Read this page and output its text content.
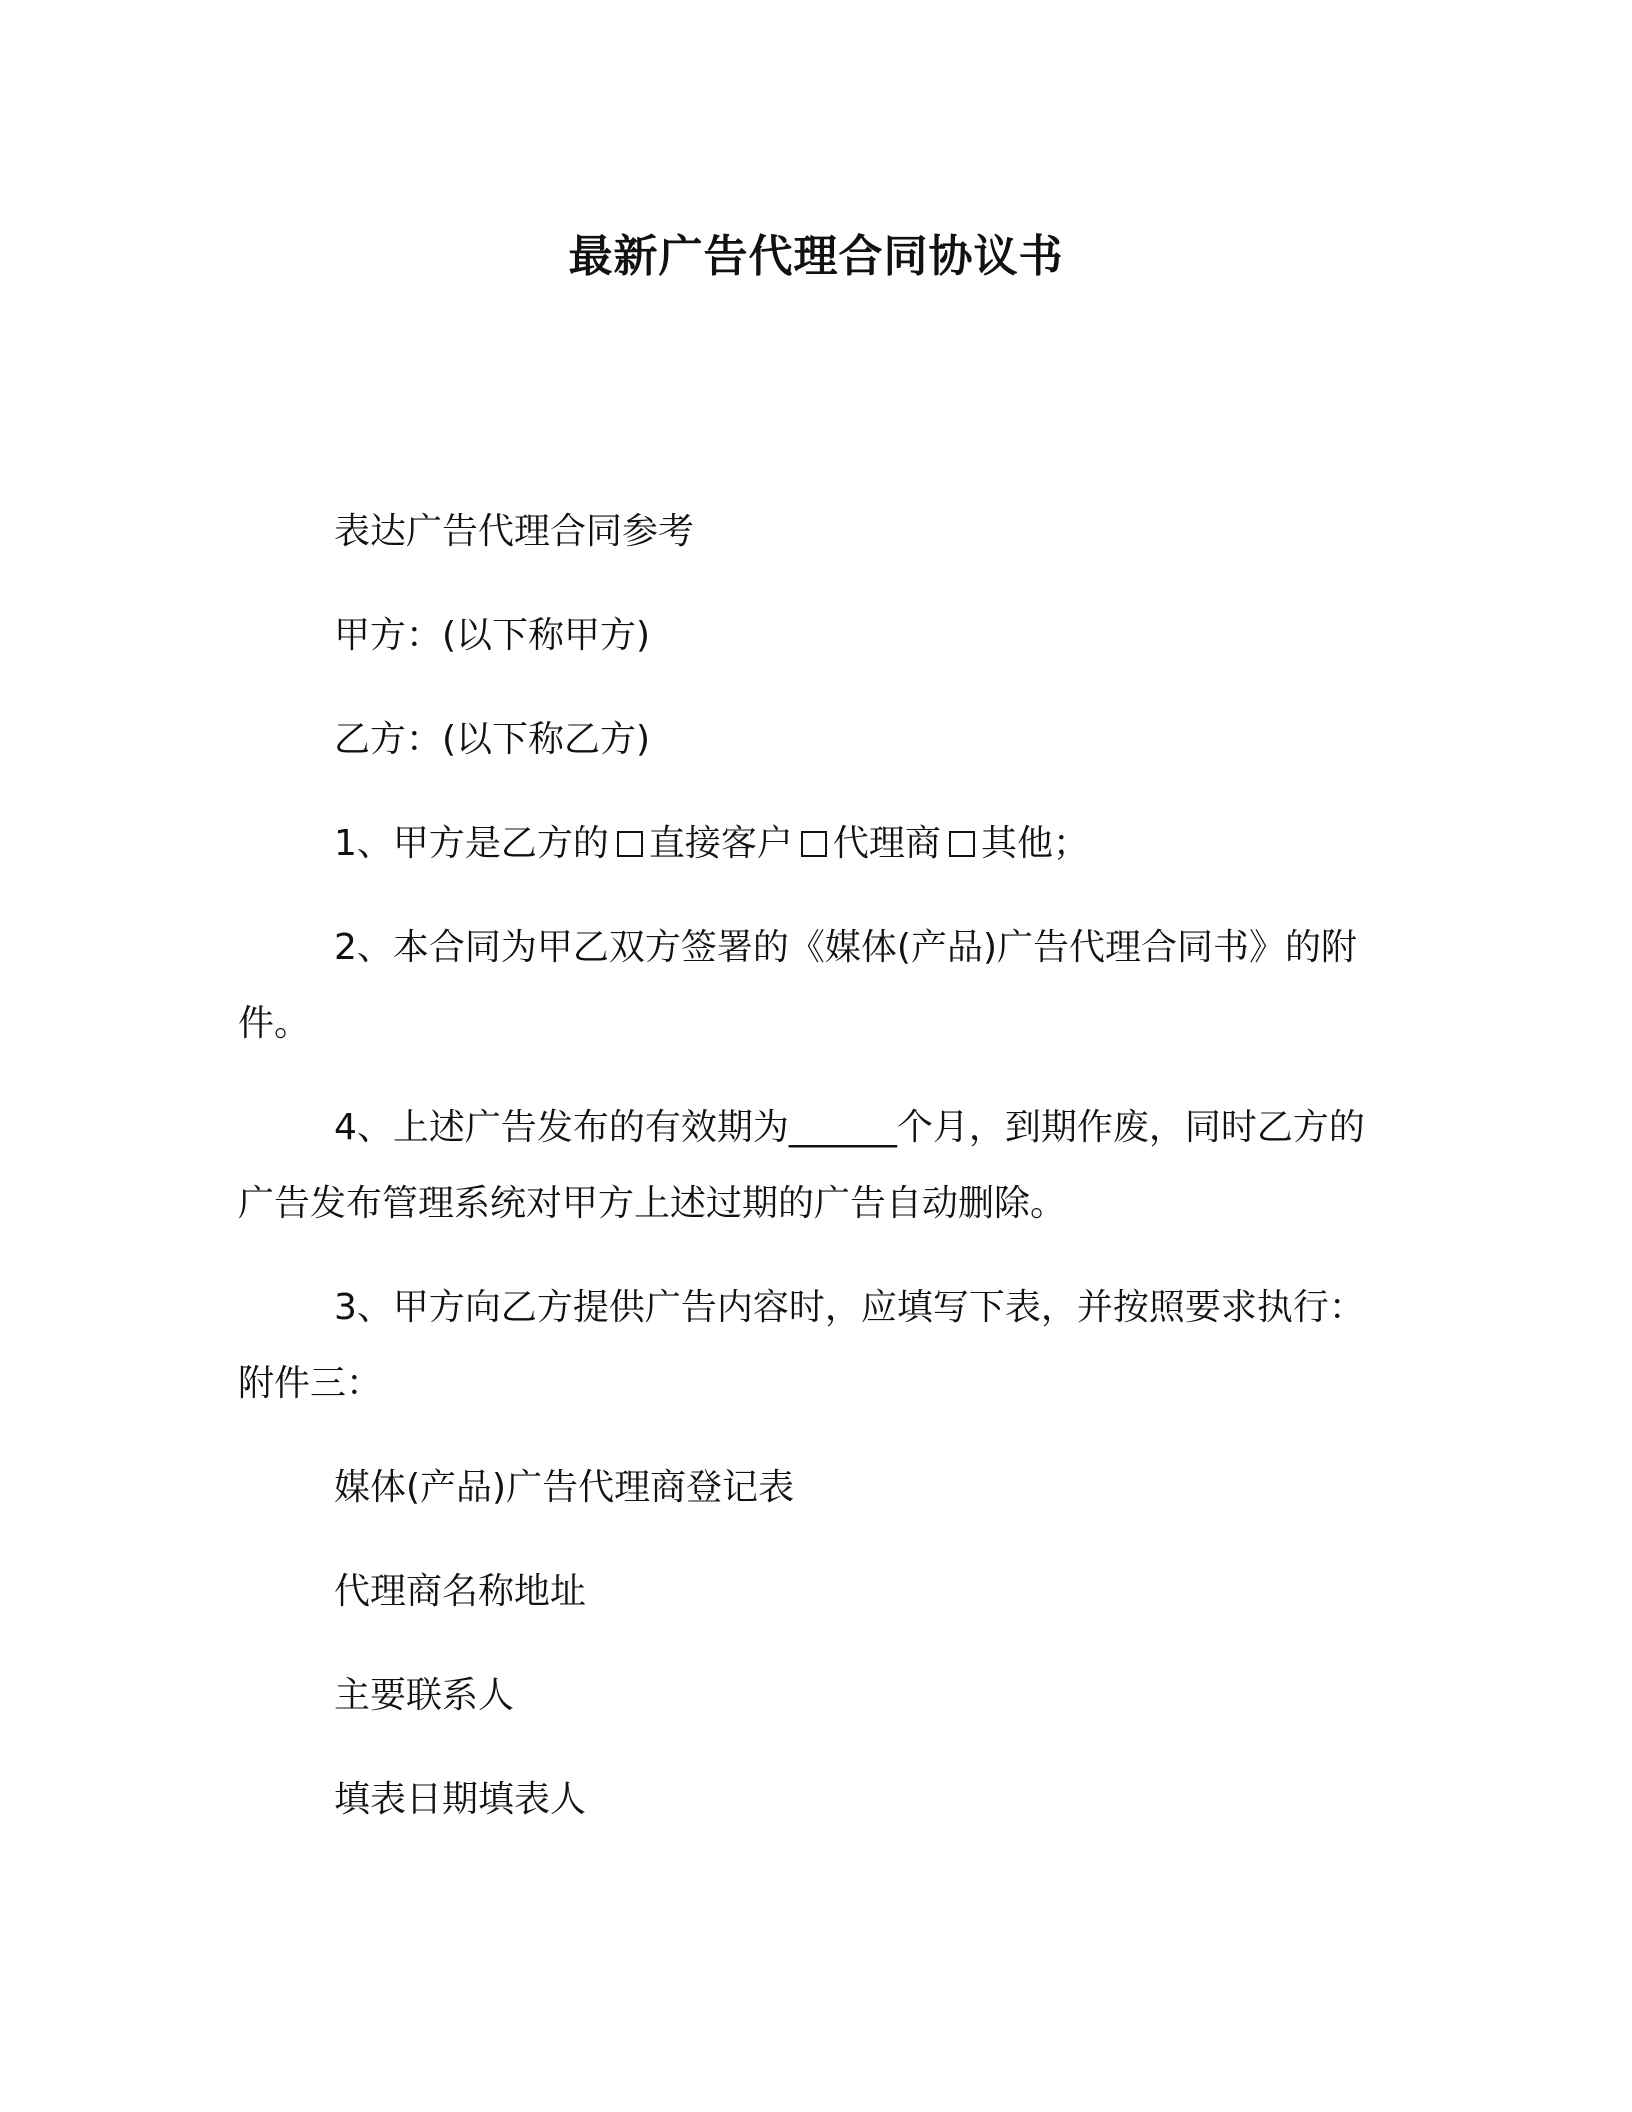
最新广告代理合同协议书

表达广告代理合同参考

甲方：(以下称甲方)

乙方：(以下称乙方)

1、甲方是乙方的 直接客户 代理商 其他；

2、本合同为甲乙双方签署的《媒体(产品)广告代理合同书》的附件。

4、上述广告发布的有效期为______个月，到期作废，同时乙方的广告发布管理系统对甲方上述过期的广告自动删除。

3、甲方向乙方提供广告内容时，应填写下表，并按照要求执行：

附件三：

媒体(产品)广告代理商登记表

代理商名称地址

主要联系人

填表日期填表人
